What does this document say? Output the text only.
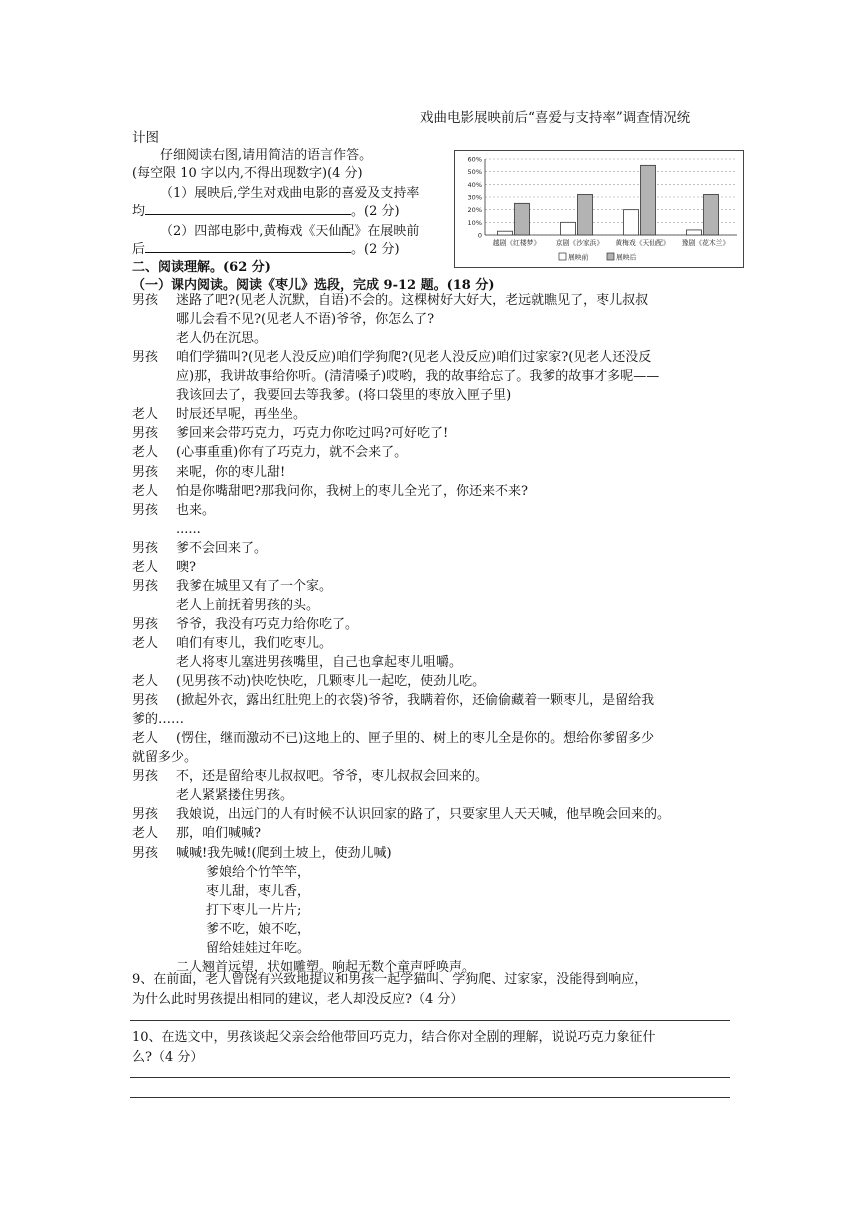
戏曲电影展映前后“喜爱与支持率”调查情况统
计图
0
10%
20%
30%
40%
50%
60%
越剧《红楼梦》 京剧《沙家浜》 黄梅戏《天仙配》 豫剧《花木兰》
展映前	展映后
仔细阅读右图,请用简洁的语言作答。
(每空限 10 字以内,不得出现数字)(4 分)
（1）展映后,学生对戏曲电影的喜爱及支持率
均	。(2 分)
（2）四部电影中,黄梅戏《天仙配》在展映前
后	。(2 分)
二、阅读理解。(62 分)
（一）课内阅读。阅读《枣儿》选段，完成 9-12 题。(18 分)
男孩 迷路了吧?(见老人沉默，自语)不会的。这棵树好大好大，老远就瞧见了，枣儿叔叔
哪儿会看不见?(见老人不语)爷爷，你怎么了?
老人仍在沉思。
男孩 咱们学猫叫?(见老人没反应)咱们学狗爬?(见老人没反应)咱们过家家?(见老人还没反
应)那，我讲故事给你听。(清清嗓子)哎哟，我的故事给忘了。我爹的故事才多呢——
我该回去了，我要回去等我爹。(将口袋里的枣放入匣子里)
老人 时辰还早呢，再坐坐。
男孩 爹回来会带巧克力，巧克力你吃过吗?可好吃了!
老人 (心事重重)你有了巧克力，就不会来了。
男孩 来呢，你的枣儿甜!
老人 怕是你嘴甜吧?那我问你，我树上的枣儿全光了，你还来不来?
男孩 也来。
......
男孩 爹不会回来了。
老人 噢?
男孩 我爹在城里又有了一个家。
老人上前抚着男孩的头。
男孩 爷爷，我没有巧克力给你吃了。
老人 咱们有枣儿，我们吃枣儿。
老人将枣儿塞进男孩嘴里，自己也拿起枣儿咀嚼。
老人 (见男孩不动)快吃快吃，几颗枣儿一起吃，使劲儿吃。
男孩 (掀起外衣，露出红肚兜上的衣袋)爷爷，我瞒着你，还偷偷藏着一颗枣儿，是留给我
爹的……
老人 (愣住，继而激动不已)这地上的、匣子里的、树上的枣儿全是你的。想给你爹留多少
就留多少。
男孩 不，还是留给枣儿叔叔吧。爷爷，枣儿叔叔会回来的。
老人紧紧搂住男孩。
男孩 我娘说，出远门的人有时候不认识回家的路了，只要家里人天天喊，他早晚会回来的。
老人 那，咱们喊喊?
男孩 喊喊!我先喊!(爬到土坡上，使劲儿喊)
爹娘给个竹竿竿，
枣儿甜，枣儿香，
打下枣儿一片片;
爹不吃，娘不吃，
留给娃娃过年吃。
二人翘首远望，状如雕塑。响起无数个童声呼唤声。
9、在前面，老人曾饶有兴致地提议和男孩一起学猫叫、学狗爬、过家家，没能得到响应，
为什么此时男孩提出相同的建议，老人却没反应?（4 分）
10、在选文中，男孩谈起父亲会给他带回巧克力，结合你对全剧的理解，说说巧克力象征什
么?（4 分）
